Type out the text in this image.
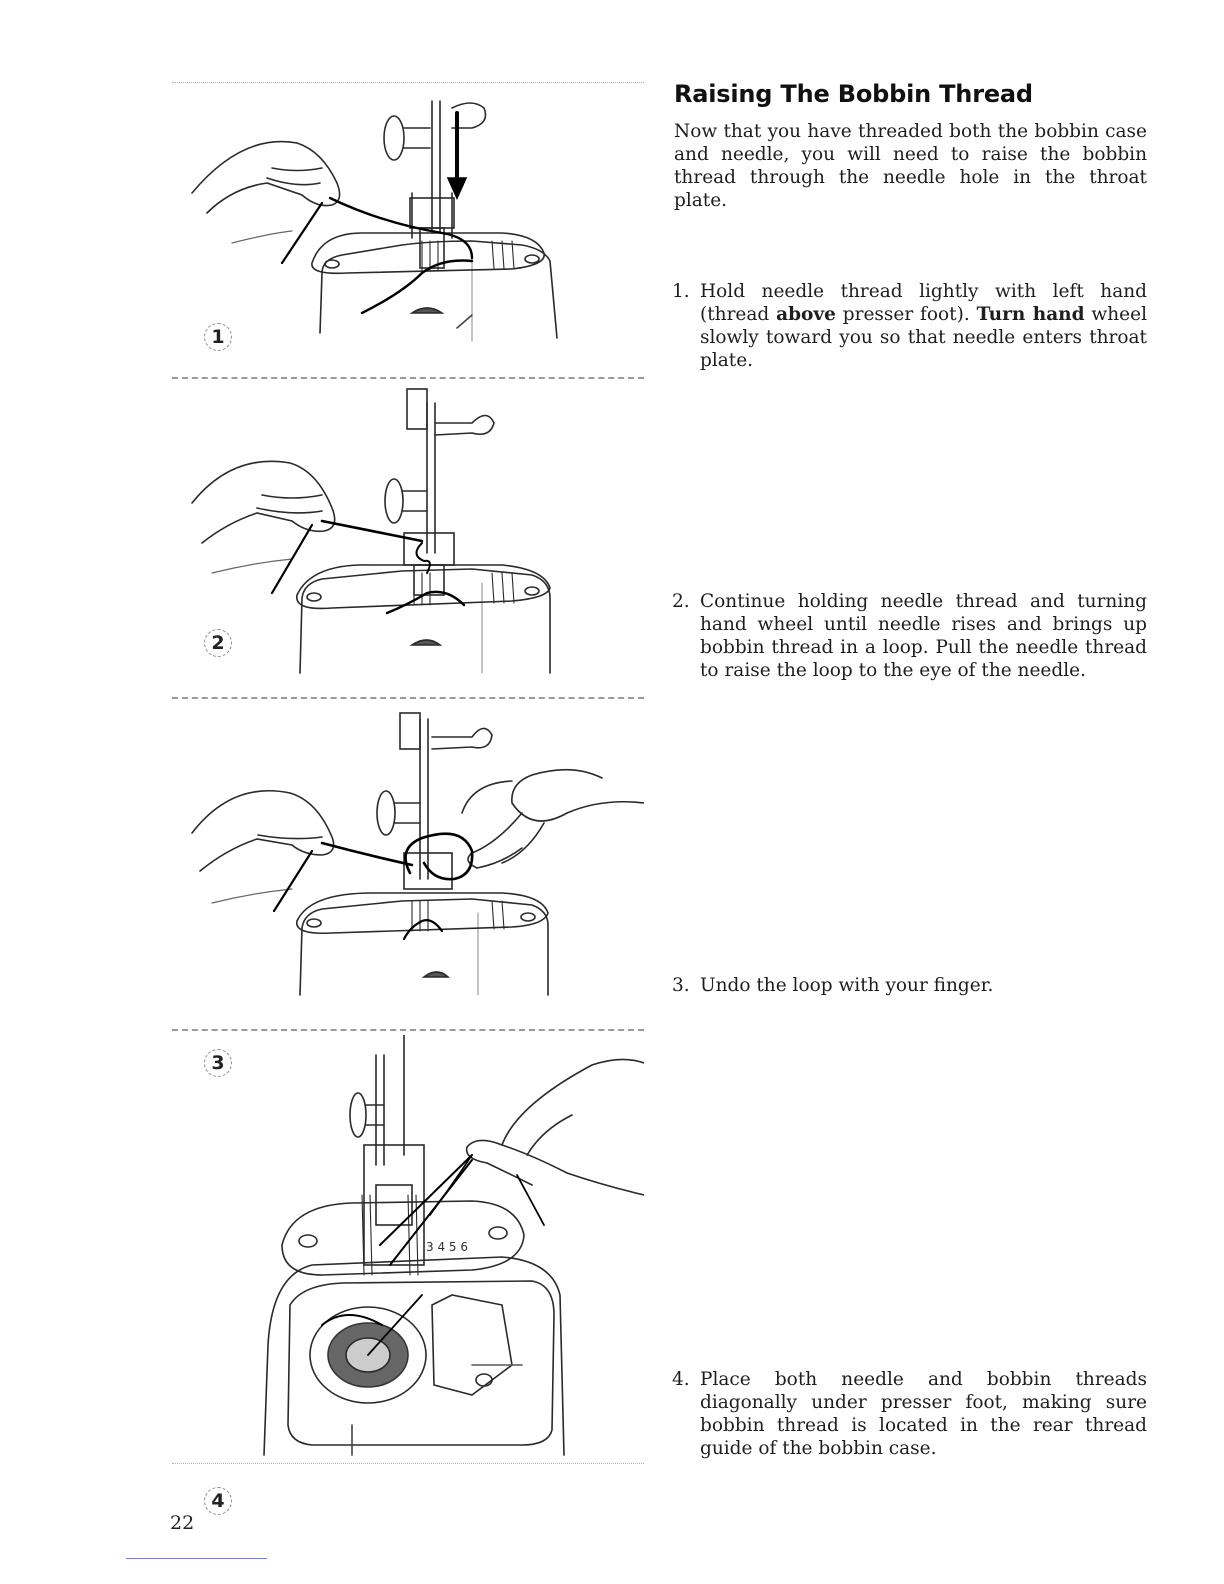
1
2
3
3 4 5 6
4
Raising The Bobbin Thread

Now that you have threaded both the bobbin case and needle, you will need to raise the bobbin thread through the needle hole in the throat plate.

1. Hold needle thread lightly with left hand (thread above presser foot). Turn hand wheel slowly toward you so that needle enters throat plate.

2. Continue holding needle thread and turning hand wheel until needle rises and brings up bobbin thread in a loop. Pull the needle thread to raise the loop to the eye of the needle.

3. Undo the loop with your finger.

4. Place both needle and bobbin threads diagonally under presser foot, making sure bobbin thread is located in the rear thread guide of the bobbin case.

22
